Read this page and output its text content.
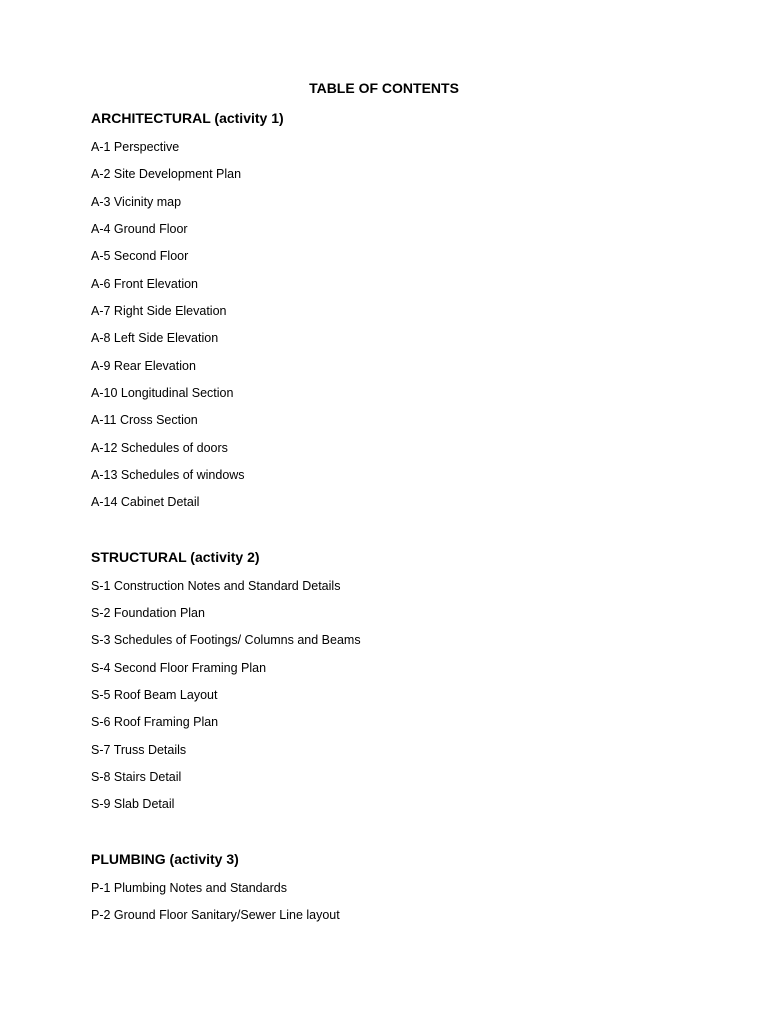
TABLE OF CONTENTS
ARCHITECTURAL (activity 1)
A-1 Perspective
A-2 Site Development Plan
A-3 Vicinity map
A-4 Ground Floor
A-5 Second Floor
A-6 Front Elevation
A-7 Right Side Elevation
A-8 Left Side Elevation
A-9 Rear Elevation
A-10 Longitudinal Section
A-11 Cross Section
A-12 Schedules of doors
A-13 Schedules of windows
A-14 Cabinet Detail
STRUCTURAL (activity 2)
S-1 Construction Notes and Standard Details
S-2 Foundation Plan
S-3 Schedules of Footings/ Columns and Beams
S-4 Second Floor Framing Plan
S-5 Roof Beam Layout
S-6 Roof Framing Plan
S-7 Truss Details
S-8 Stairs Detail
S-9 Slab Detail
PLUMBING (activity 3)
P-1 Plumbing Notes and Standards
P-2 Ground Floor Sanitary/Sewer Line layout
